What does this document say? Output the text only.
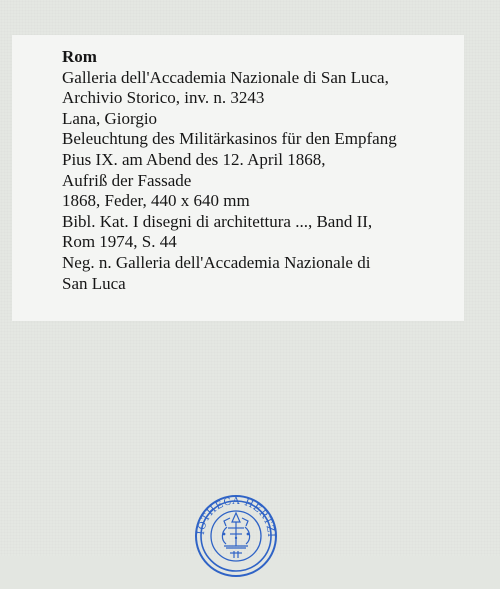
Rom
Galleria dell'Accademia Nazionale di San Luca,
Archivio Storico, inv. n. 3243
Lana, Giorgio
Beleuchtung des Militärkasinos für den Empfang
Pius IX. am Abend des 12. April 1868,
Aufriß der Fassade
1868, Feder, 440 x 640 mm
Bibl. Kat. I disegni di architettura ..., Band II,
Rom 1974, S. 44
Neg. n. Galleria dell'Accademia Nazionale di
San Luca
IOTHECA HERTZI
